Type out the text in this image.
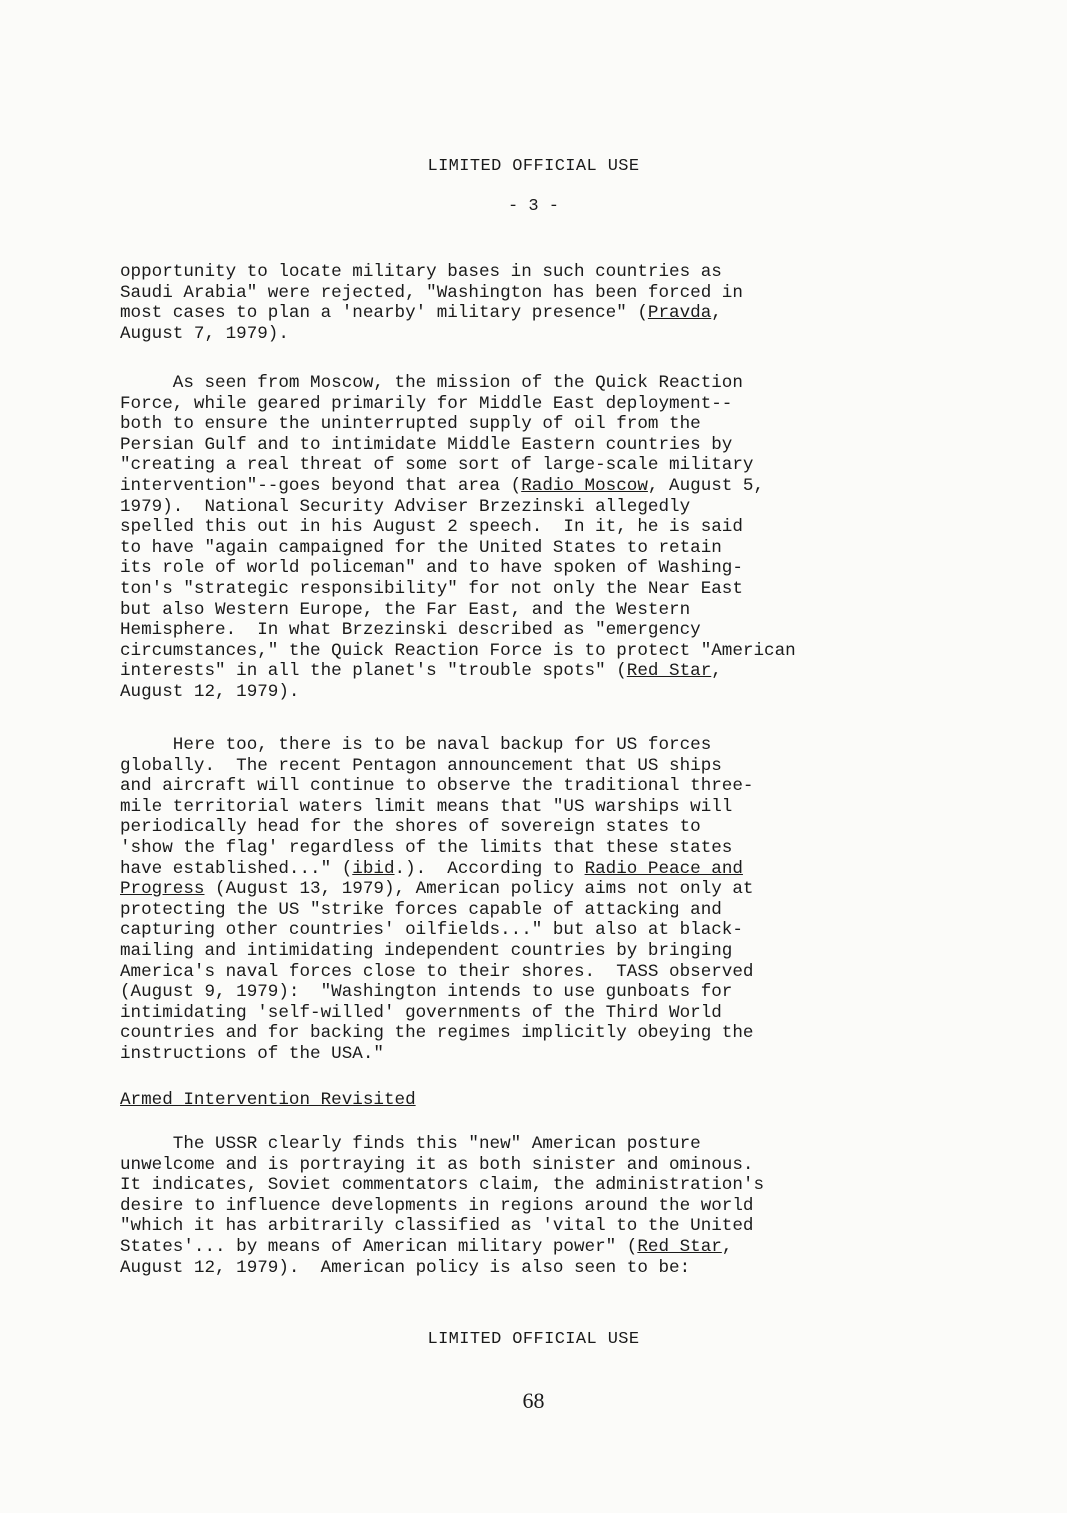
LIMITED OFFICIAL USE
- 3 -
opportunity to locate military bases in such countries as
Saudi Arabia" were rejected, "Washington has been forced in
most cases to plan a 'nearby' military presence" (Pravda,
August 7, 1979).
As seen from Moscow, the mission of the Quick Reaction
Force, while geared primarily for Middle East deployment--
both to ensure the uninterrupted supply of oil from the
Persian Gulf and to intimidate Middle Eastern countries by
"creating a real threat of some sort of large-scale military
intervention"--goes beyond that area (Radio Moscow, August 5,
1979).  National Security Adviser Brzezinski allegedly
spelled this out in his August 2 speech.  In it, he is said
to have "again campaigned for the United States to retain
its role of world policeman" and to have spoken of Washing-
ton's "strategic responsibility" for not only the Near East
but also Western Europe, the Far East, and the Western
Hemisphere.  In what Brzezinski described as "emergency
circumstances," the Quick Reaction Force is to protect "American
interests" in all the planet's "trouble spots" (Red Star,
August 12, 1979).
Here too, there is to be naval backup for US forces
globally.  The recent Pentagon announcement that US ships
and aircraft will continue to observe the traditional three-
mile territorial waters limit means that "US warships will
periodically head for the shores of sovereign states to
'show the flag' regardless of the limits that these states
have established..." (ibid.).  According to Radio Peace and
Progress (August 13, 1979), American policy aims not only at
protecting the US "strike forces capable of attacking and
capturing other countries' oilfields..." but also at black-
mailing and intimidating independent countries by bringing
America's naval forces close to their shores.  TASS observed
(August 9, 1979):  "Washington intends to use gunboats for
intimidating 'self-willed' governments of the Third World
countries and for backing the regimes implicitly obeying the
instructions of the USA."
Armed Intervention Revisited
The USSR clearly finds this "new" American posture
unwelcome and is portraying it as both sinister and ominous.
It indicates, Soviet commentators claim, the administration's
desire to influence developments in regions around the world
"which it has arbitrarily classified as 'vital to the United
States'... by means of American military power" (Red Star,
August 12, 1979).  American policy is also seen to be:
LIMITED OFFICIAL USE
68
